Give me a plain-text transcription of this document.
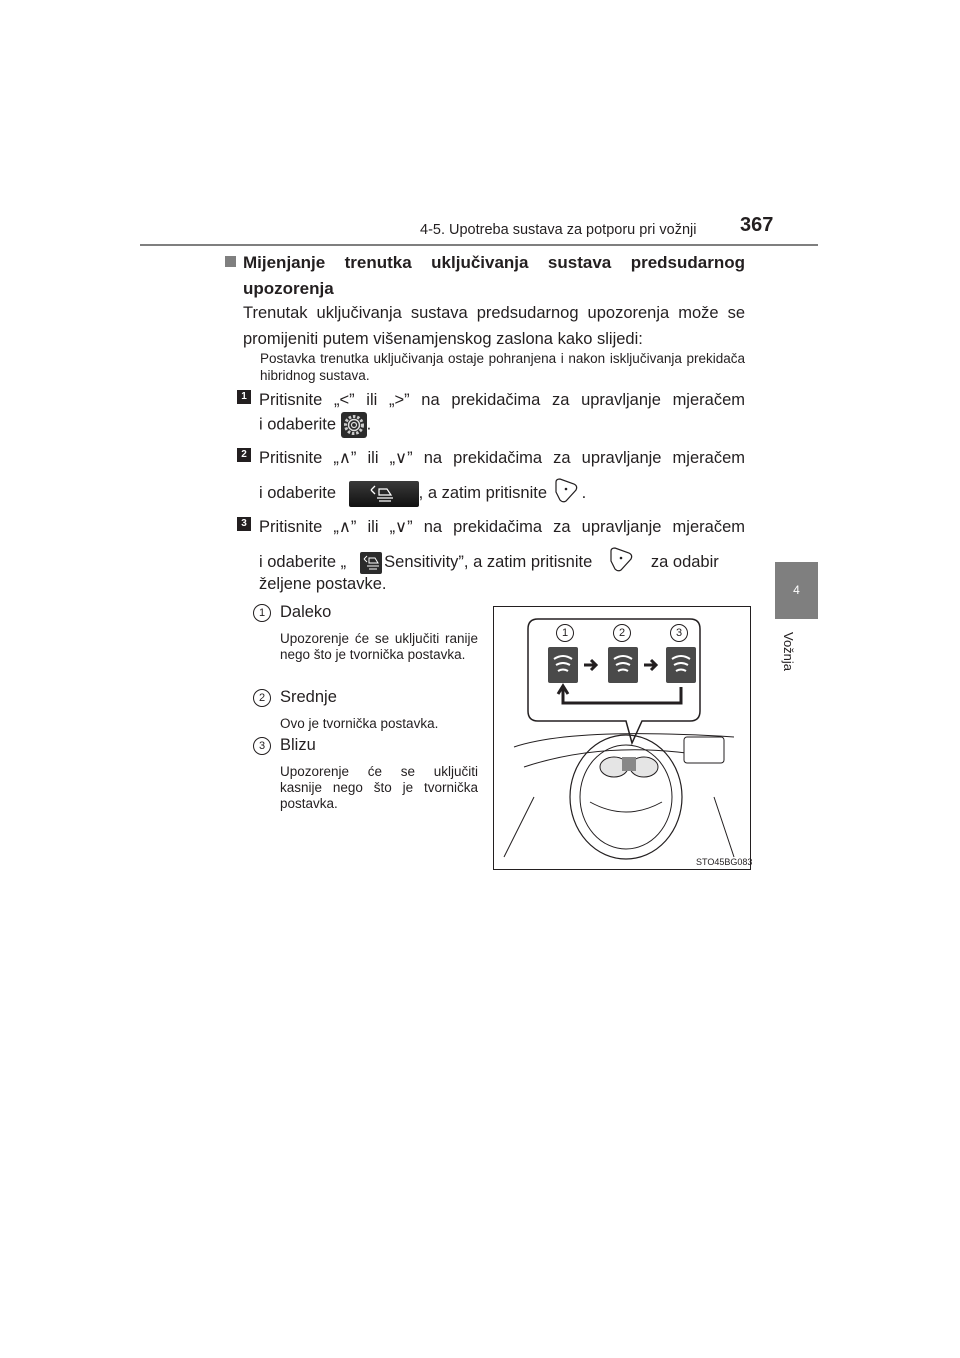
4-5. Upotreba sustava za potporu pri vožnji 367
4
Vožnja
Mijenjanje trenutka uključivanja sustava predsudarnog
upozorenja
Trenutak uključivanja sustava predsudarnog upozorenja može se promijeniti putem višenamjenskog zaslona kako slijedi:
Postavka trenutka uključivanja ostaje pohranjena i nakon isključivanja prekidača hibridnog sustava.
1 Pritisnite „<” ili „>” na prekidačima za upravljanje mjeračem
i odaberite .
2 Pritisnite „∧” ili „∨” na prekidačima za upravljanje mjeračem
i odaberite	, a zatim pritisnite .
3 Pritisnite „∧” ili „∨” na prekidačima za upravljanje mjeračem
i odaberite „ Sensitivity”, a zatim pritisnite	za odabir
željene postavke.
1 Daleko
Upozorenje će se uključiti ranije nego što je tvornička postavka.
2 Srednje
Ovo je tvornička postavka.
3 Blizu
Upozorenje će se uključiti kasnije nego što je tvornička postavka.
1	2	3
STO45BG083
